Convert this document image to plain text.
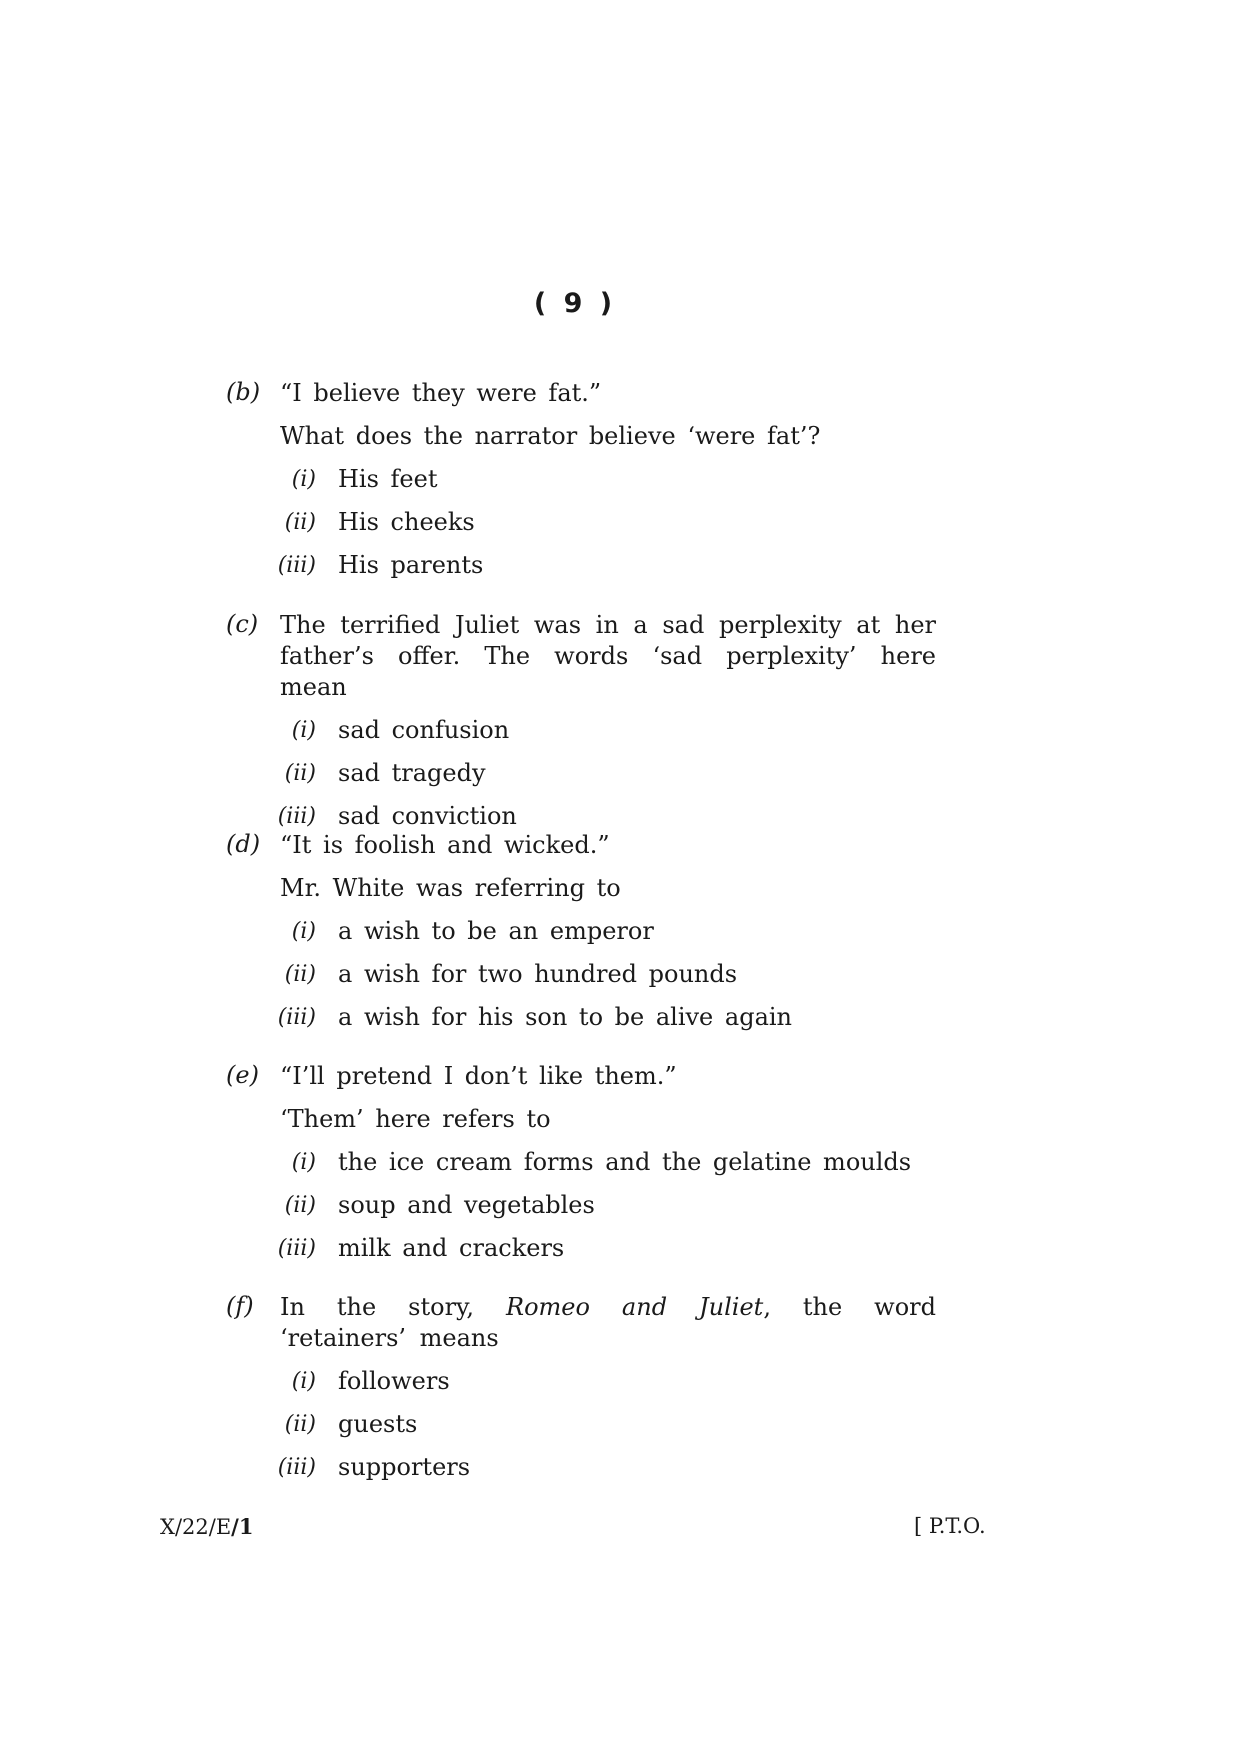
( 9 )
(b) “I believe they were fat.”
What does the narrator believe ‘were fat’?
(i) His feet
(ii) His cheeks
(iii) His parents
(c) The terrified Juliet was in a sad perplexity at her father’s offer. The words ‘sad perplexity’ here mean
(i) sad confusion
(ii) sad tragedy
(iii) sad conviction
(d) “It is foolish and wicked.”
Mr. White was referring to
(i) a wish to be an emperor
(ii) a wish for two hundred pounds
(iii) a wish for his son to be alive again
(e) “I’ll pretend I don’t like them.”
‘Them’ here refers to
(i) the ice cream forms and the gelatine moulds
(ii) soup and vegetables
(iii) milk and crackers
(f)	In the story, Romeo and Juliet, the word ‘retainers’ means
(i) followers
(ii) guests
(iii) supporters
X/22/E/1	[ P.T.O.
